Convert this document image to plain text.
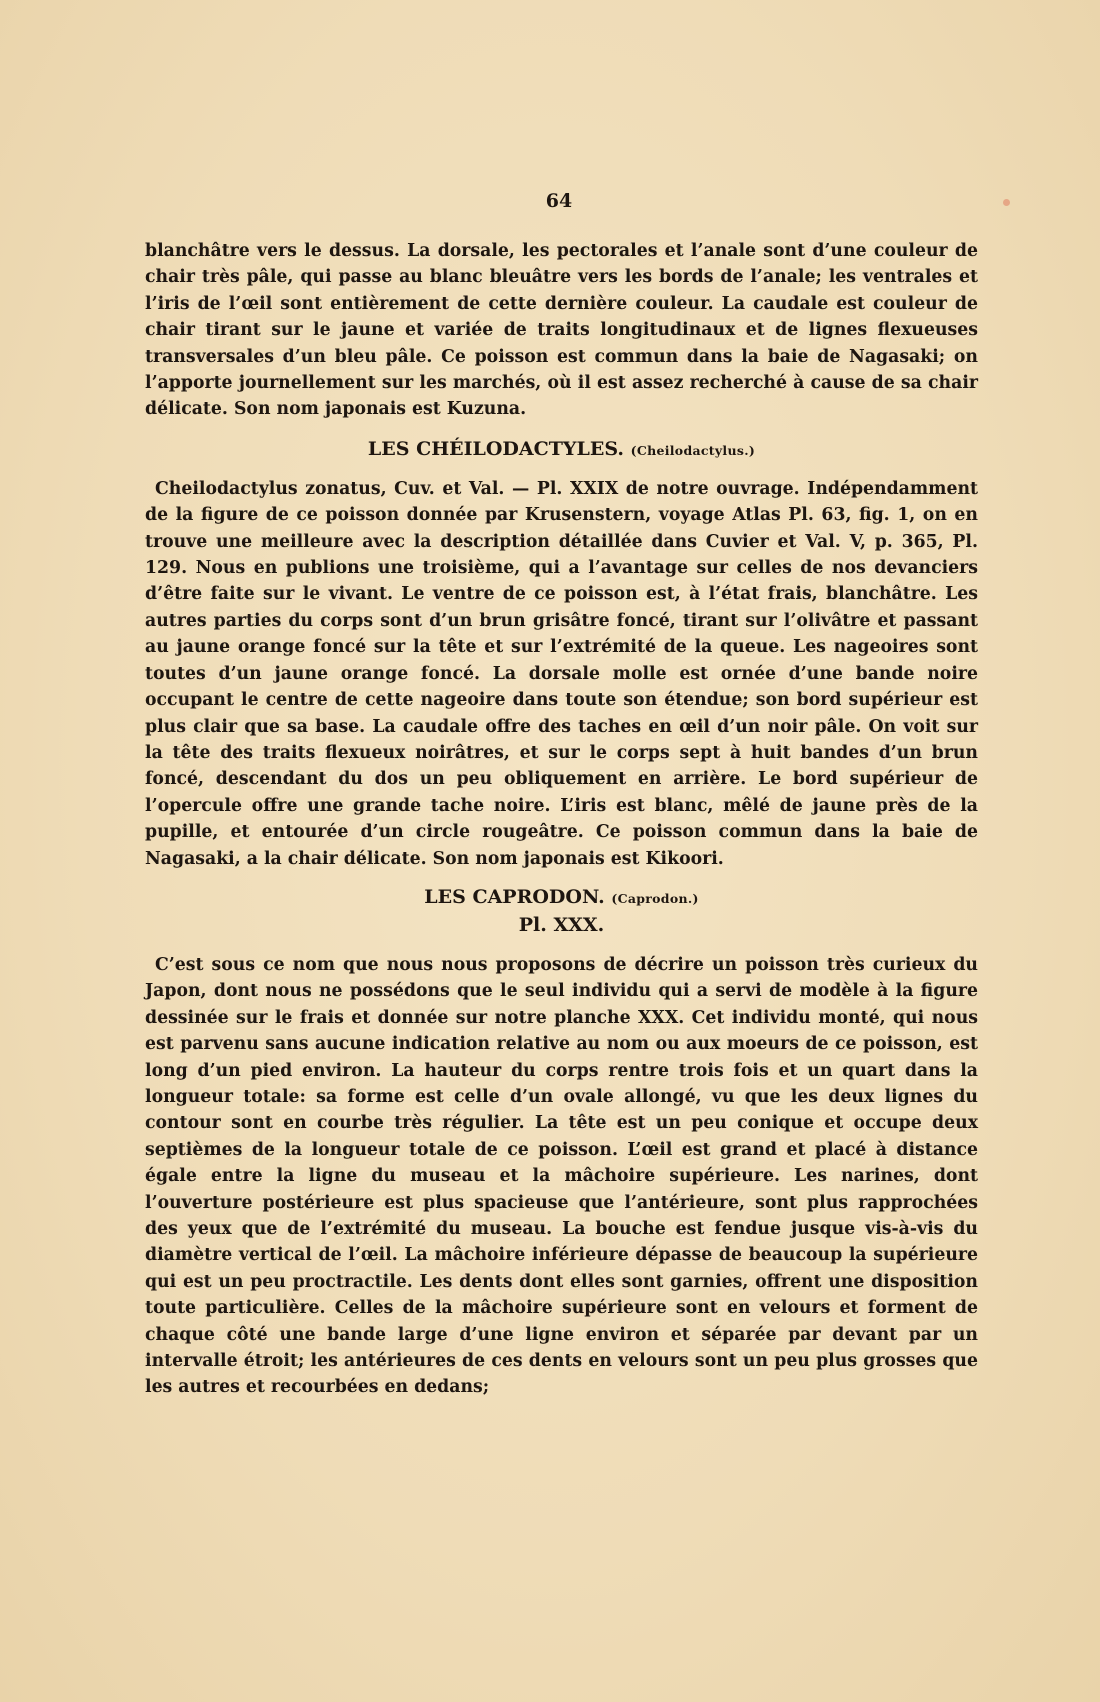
64

blanchâtre vers le dessus. La dorsale, les pectorales et l’anale sont d’une couleur de chair très pâle, qui passe au blanc bleuâtre vers les bords de l’anale; les ventrales et l’iris de l’œil sont entièrement de cette dernière couleur. La caudale est couleur de chair tirant sur le jaune et variée de traits longitudinaux et de lignes flexueuses transversales d’un bleu pâle. Ce poisson est commun dans la baie de Nagasaki; on l’apporte journellement sur les marchés, où il est assez recherché à cause de sa chair délicate. Son nom japonais est Kuzuna.

LES CHÉILODACTYLES. (Cheilodactylus.)

Cheilodactylus zonatus, Cuv. et Val. — Pl. XXIX de notre ouvrage. Indépendamment de la figure de ce poisson donnée par Krusenstern, voyage Atlas Pl. 63, fig. 1, on en trouve une meilleure avec la description détaillée dans Cuvier et Val. V, p. 365, Pl. 129. Nous en publions une troisième, qui a l’avantage sur celles de nos devanciers d’être faite sur le vivant. Le ventre de ce poisson est, à l’état frais, blanchâtre. Les autres parties du corps sont d’un brun grisâtre foncé, tirant sur l’olivâtre et passant au jaune orange foncé sur la tête et sur l’extrémité de la queue. Les nageoires sont toutes d’un jaune orange foncé. La dorsale molle est ornée d’une bande noire occupant le centre de cette nageoire dans toute son étendue; son bord supérieur est plus clair que sa base. La caudale offre des taches en œil d’un noir pâle. On voit sur la tête des traits flexueux noirâtres, et sur le corps sept à huit bandes d’un brun foncé, descendant du dos un peu obliquement en arrière. Le bord supérieur de l’opercule offre une grande tache noire. L’iris est blanc, mêlé de jaune près de la pupille, et entourée d’un circle rougeâtre. Ce poisson commun dans la baie de Nagasaki, a la chair délicate. Son nom japonais est Kikoori.

LES CAPRODON. (Caprodon.)
Pl. XXX.

C’est sous ce nom que nous nous proposons de décrire un poisson très curieux du Japon, dont nous ne possédons que le seul individu qui a servi de modèle à la figure dessinée sur le frais et donnée sur notre planche XXX. Cet individu monté, qui nous est parvenu sans aucune indication relative au nom ou aux moeurs de ce poisson, est long d’un pied environ. La hauteur du corps rentre trois fois et un quart dans la longueur totale: sa forme est celle d’un ovale allongé, vu que les deux lignes du contour sont en courbe très régulier. La tête est un peu conique et occupe deux septièmes de la longueur totale de ce poisson. L’œil est grand et placé à distance égale entre la ligne du museau et la mâchoire supérieure. Les narines, dont l’ouverture postérieure est plus spacieuse que l’antérieure, sont plus rapprochées des yeux que de l’extrémité du museau. La bouche est fendue jusque vis-à-vis du diamètre vertical de l’œil. La mâchoire inférieure dépasse de beaucoup la supérieure qui est un peu proctractile. Les dents dont elles sont garnies, offrent une disposition toute particulière. Celles de la mâchoire supérieure sont en velours et forment de chaque côté une bande large d’une ligne environ et séparée par devant par un intervalle étroit; les antérieures de ces dents en velours sont un peu plus grosses que les autres et recourbées en dedans;
